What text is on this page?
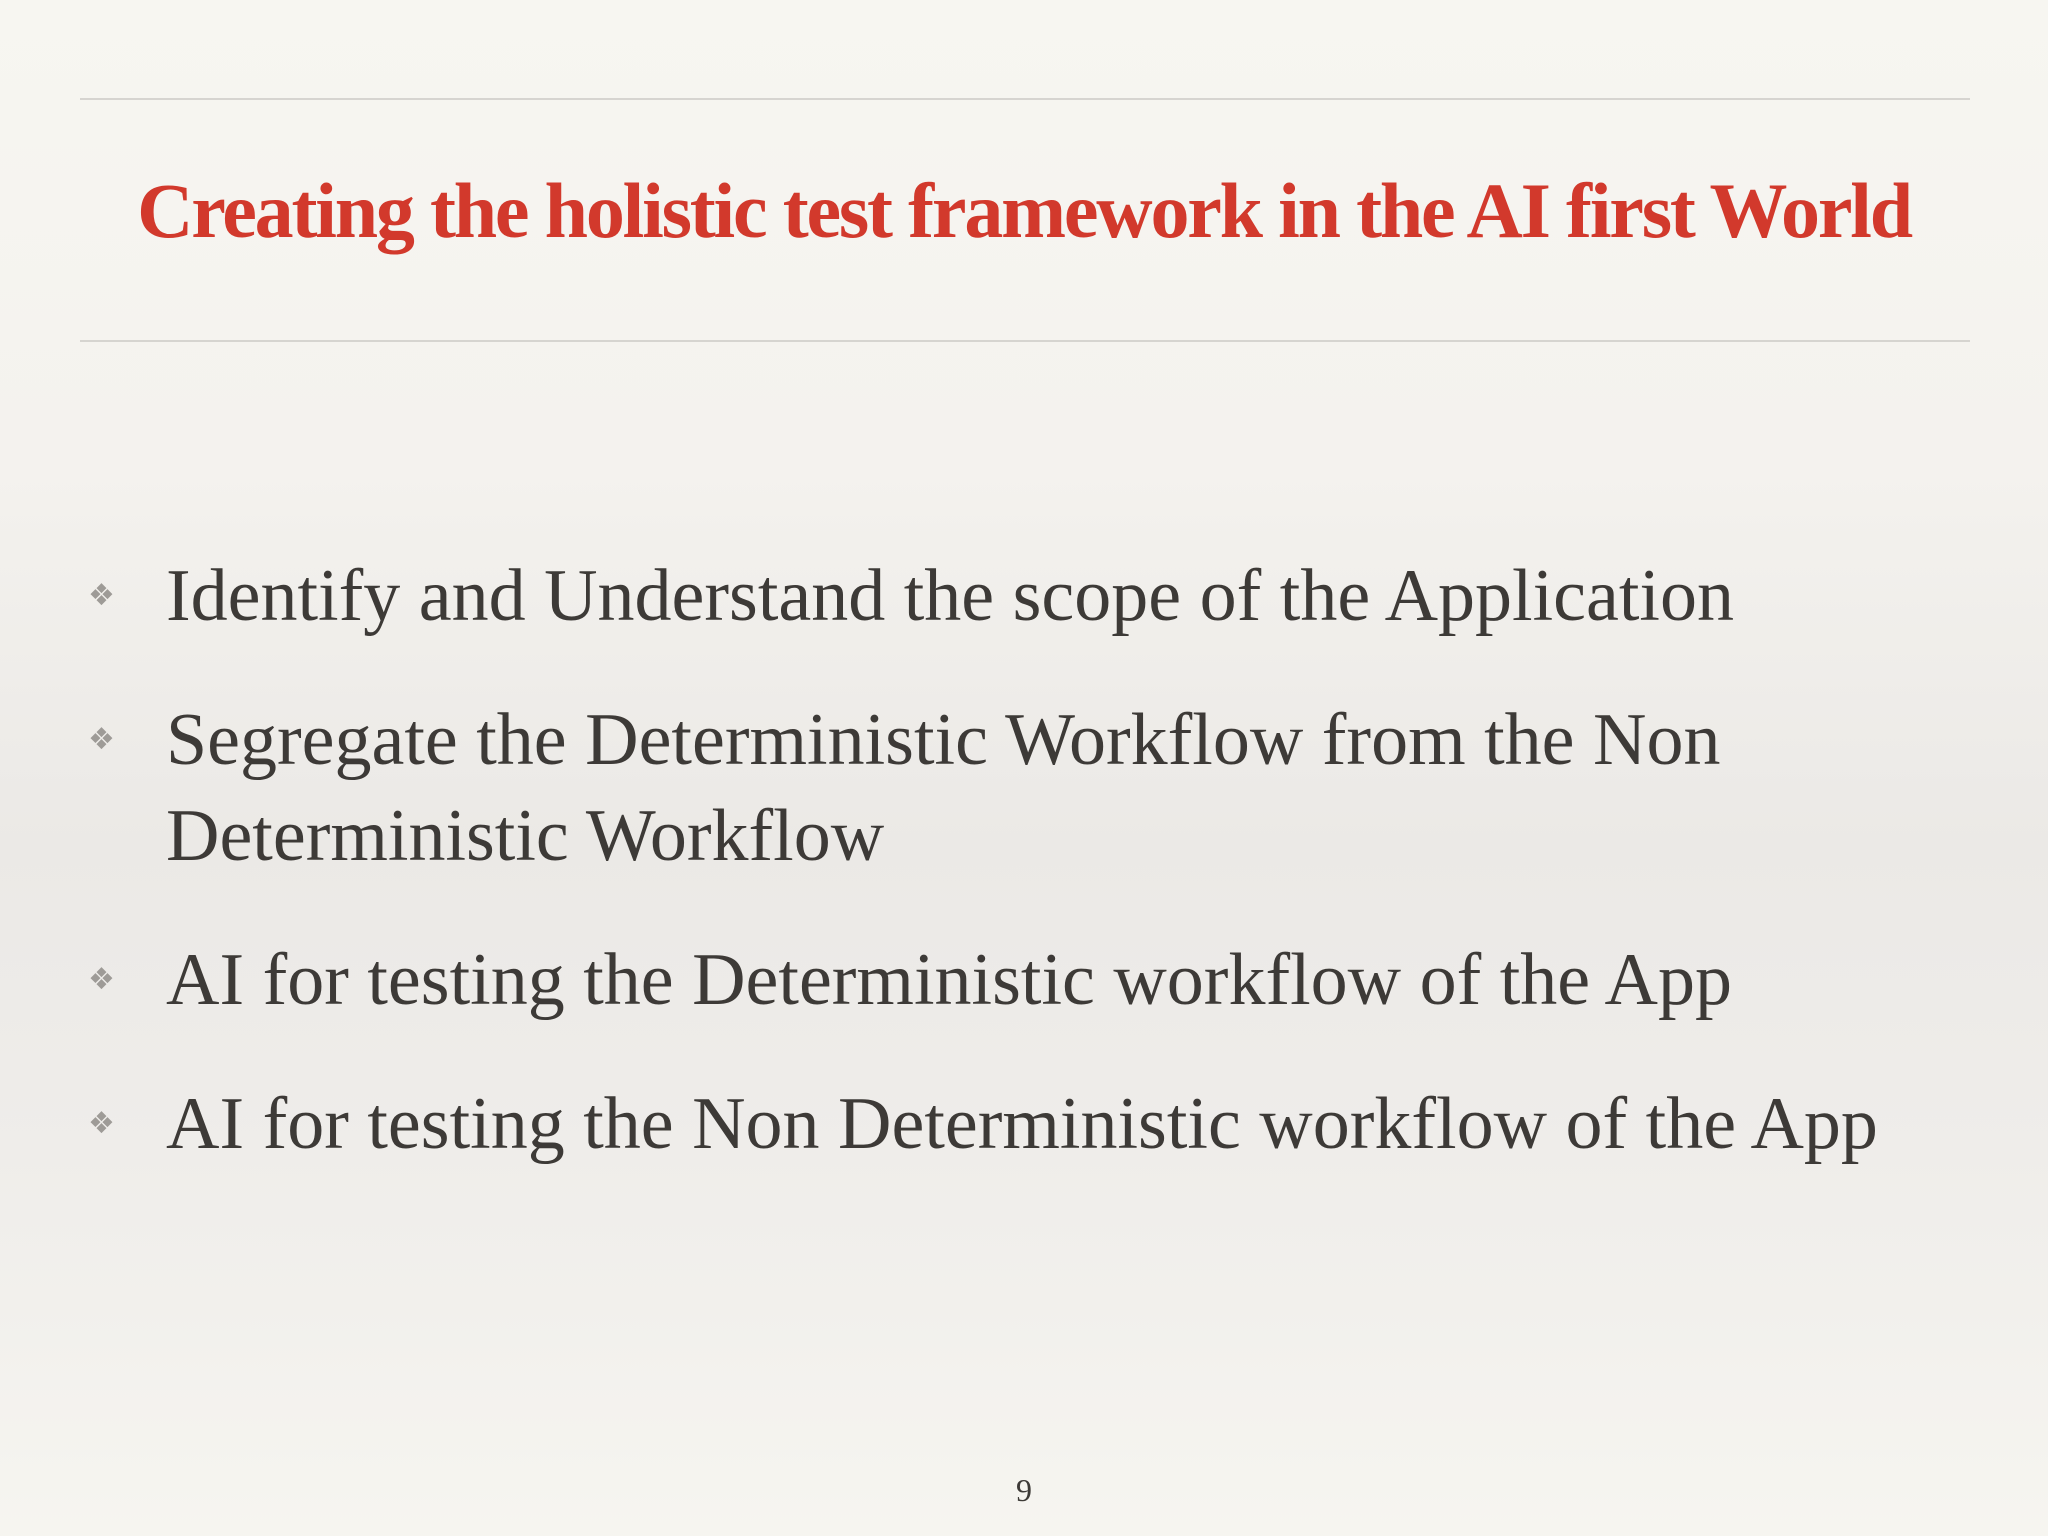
Creating the holistic test framework in the AI first World
❖ Identify and Understand the scope of the Application
❖ Segregate the Deterministic Workflow from the Non Deterministic Workflow
❖ AI for testing the Deterministic workflow of the App
❖ AI for testing the Non Deterministic workflow of the App
9
